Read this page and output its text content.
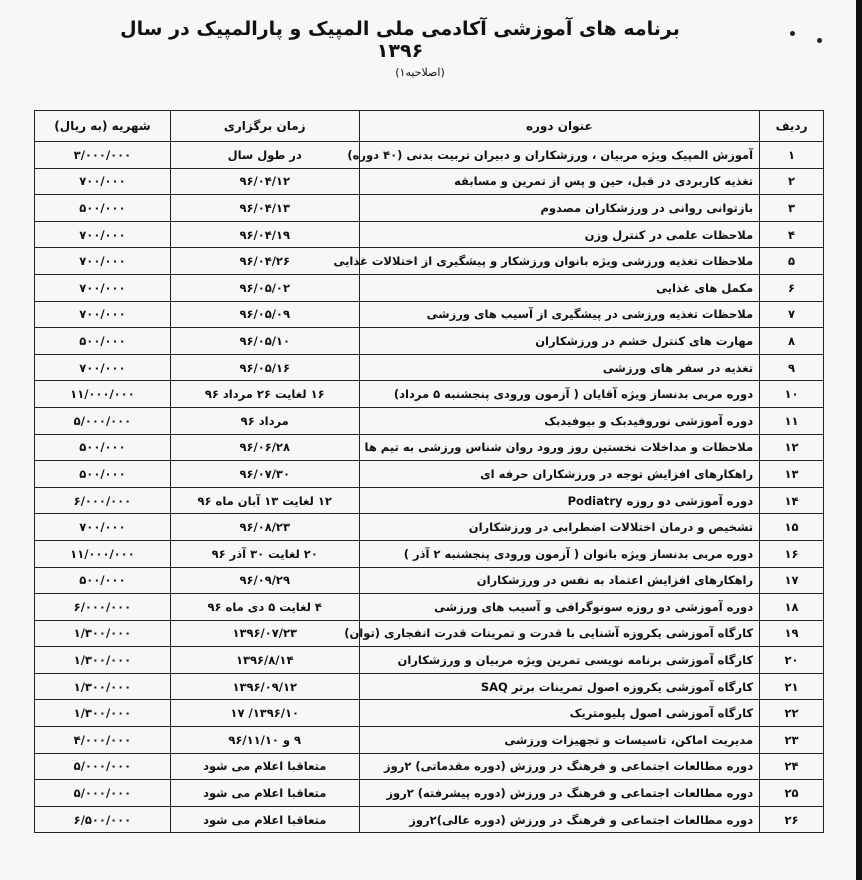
برنامه های آموزشی آکادمی ملی المپیک و پارالمپیک در سال ۱۳۹۶
(اصلاحیه۱)
ردیف	عنوان دوره	زمان برگزاری	شهریه (به ریال)
۱	آموزش المپیک ویژه مربیان ، ورزشکاران و دبیران تربیت بدنی (۴۰ دوره)	در طول سال	۳/۰۰۰/۰۰۰
۲	تغذیه کاربردی در قبل، حین و پس از تمرین و مسابقه	۹۶/۰۴/۱۲	۷۰۰/۰۰۰
۳	بازتوانی روانی در ورزشکاران مصدوم	۹۶/۰۴/۱۳	۵۰۰/۰۰۰
۴	ملاحظات علمی در کنترل وزن	۹۶/۰۴/۱۹	۷۰۰/۰۰۰
۵	ملاحظات تغذیه ورزشی ویژه بانوان ورزشکار و پیشگیری از اختلالات غذایی	۹۶/۰۴/۲۶	۷۰۰/۰۰۰
۶	مکمل های غذایی	۹۶/۰۵/۰۲	۷۰۰/۰۰۰
۷	ملاحظات تغذیه ورزشی در پیشگیری از آسیب های ورزشی	۹۶/۰۵/۰۹	۷۰۰/۰۰۰
۸	مهارت های کنترل خشم در ورزشکاران	۹۶/۰۵/۱۰	۵۰۰/۰۰۰
۹	تغذیه در سفر های ورزشی	۹۶/۰۵/۱۶	۷۰۰/۰۰۰
۱۰	دوره مربی بدنساز ویژه آقایان ( آزمون ورودی پنجشنبه ۵ مرداد)	۱۶ لغایت ۲۶ مرداد ۹۶	۱۱/۰۰۰/۰۰۰
۱۱	دوره آموزشی نوروفیدبک و بیوفیدبک	مرداد ۹۶	۵/۰۰۰/۰۰۰
۱۲	ملاحظات و مداخلات نخستین روز ورود روان شناس ورزشی به تیم ها	۹۶/۰۶/۲۸	۵۰۰/۰۰۰
۱۳	راهکارهای افزایش توجه در ورزشکاران حرفه ای	۹۶/۰۷/۳۰	۵۰۰/۰۰۰
۱۴	دوره آموزشی دو روزه Podiatry	۱۲ لغایت ۱۳ آبان ماه ۹۶	۶/۰۰۰/۰۰۰
۱۵	تشخیص و درمان اختلالات اضطرابی در ورزشکاران	۹۶/۰۸/۲۳	۷۰۰/۰۰۰
۱۶	دوره مربی بدنساز ویژه بانوان ( آزمون ورودی پنجشنبه ۲ آذر )	۲۰ لغایت ۳۰ آذر ۹۶	۱۱/۰۰۰/۰۰۰
۱۷	راهکارهای افزایش اعتماد به نفس در ورزشکاران	۹۶/۰۹/۲۹	۵۰۰/۰۰۰
۱۸	دوره آموزشی دو روزه سونوگرافی و آسیب های ورزشی	۴ لغایت ۵ دی ماه ۹۶	۶/۰۰۰/۰۰۰
۱۹	کارگاه آموزشی یکروزه آشنایی با قدرت و تمرینات قدرت انفجاری (توان)	۱۳۹۶/۰۷/۲۳	۱/۳۰۰/۰۰۰
۲۰	کارگاه آموزشی برنامه نویسی تمرین ویژه مربیان و ورزشکاران	۱۳۹۶/۸/۱۴	۱/۳۰۰/۰۰۰
۲۱	کارگاه آموزشی یکروزه اصول تمرینات برتر SAQ	۱۳۹۶/۰۹/۱۲	۱/۳۰۰/۰۰۰
۲۲	کارگاه آموزشی اصول پلیومتریک	۱۳۹۶/۱۰/ ۱۷	۱/۳۰۰/۰۰۰
۲۳	مدیریت اماکن، تاسیسات و تجهیزات ورزشی	۹ و ۹۶/۱۱/۱۰	۴/۰۰۰/۰۰۰
۲۴	دوره مطالعات اجتماعی و فرهنگ در ورزش (دوره مقدماتی) ۲روز	متعاقبا اعلام می شود	۵/۰۰۰/۰۰۰
۲۵	دوره مطالعات اجتماعی و فرهنگ در ورزش (دوره پیشرفته) ۲روز	متعاقبا اعلام می شود	۵/۰۰۰/۰۰۰
۲۶	دوره مطالعات اجتماعی و فرهنگ در ورزش (دوره عالی)۲روز	متعاقبا اعلام می شود	۶/۵۰۰/۰۰۰
